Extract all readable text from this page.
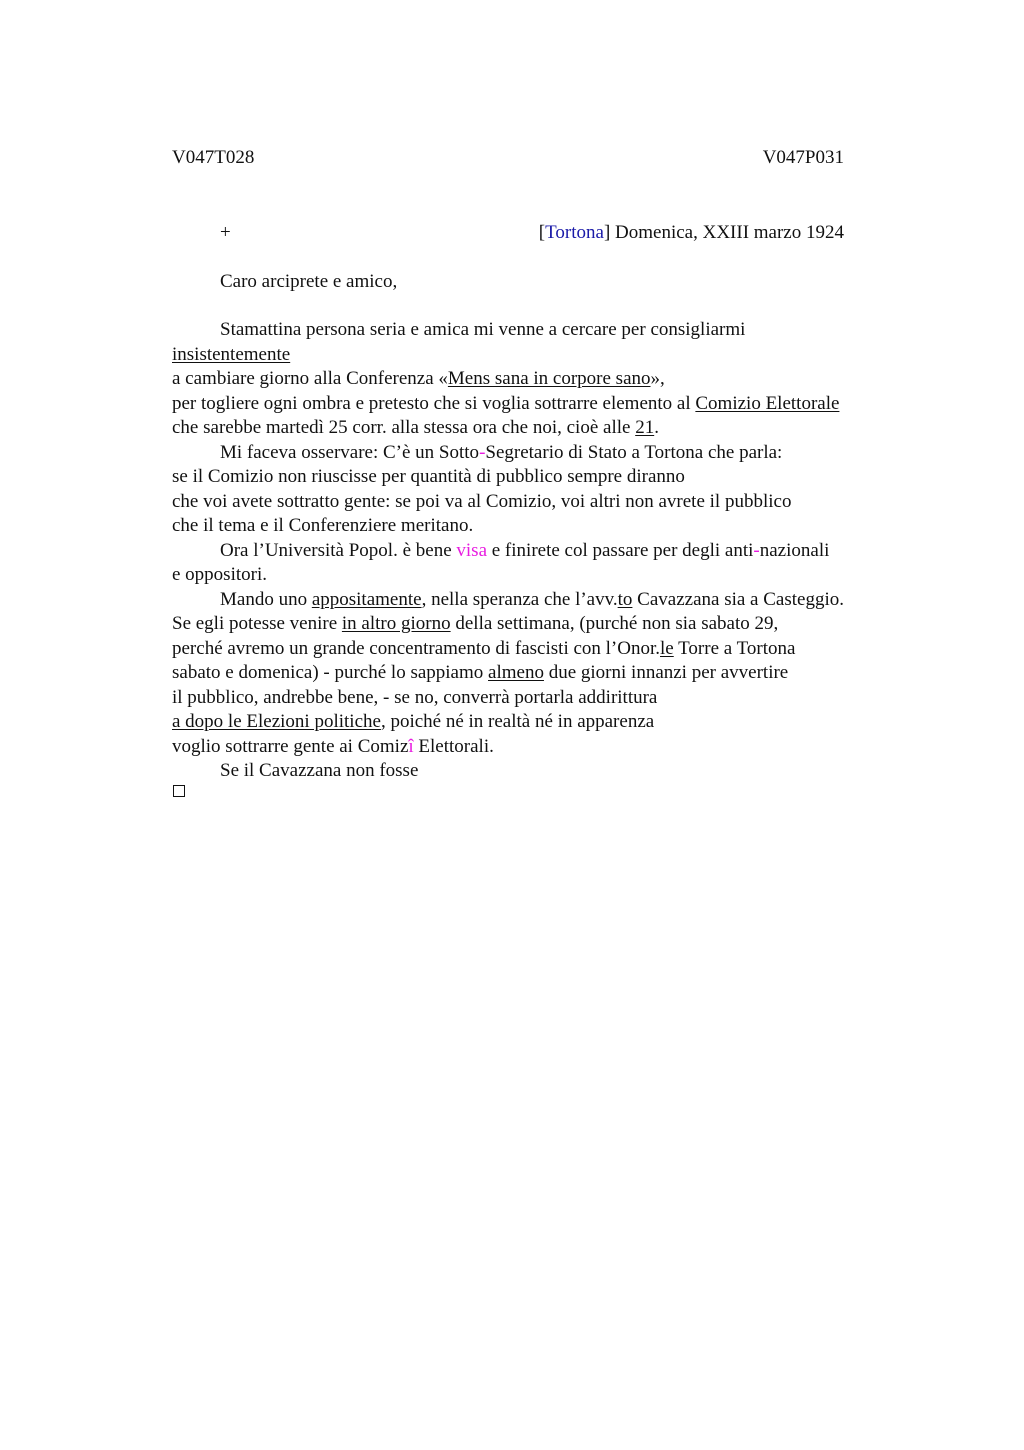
V047T028	V047P031
+	[Tortona] Domenica, XXIII marzo 1924
Caro arciprete e amico,
Stamattina persona seria e amica mi venne a cercare per consigliarmi
insistentemente
a cambiare giorno alla Conferenza «Mens sana in corpore sano»,
per togliere ogni ombra e pretesto che si voglia sottrarre elemento al Comizio Elettorale
che sarebbe martedì 25 corr. alla stessa ora che noi, cioè alle 21.
Mi faceva osservare: C’è un Sotto-Segretario di Stato a Tortona che parla:
se il Comizio non riuscisse per quantità di pubblico sempre diranno
che voi avete sottratto gente: se poi va al Comizio, voi altri non avrete il pubblico
che il tema e il Conferenziere meritano.
Ora l’Università Popol. è bene visa e finirete col passare per degli anti-nazionali
e oppositori.
Mando uno appositamente, nella speranza che l’avv.to Cavazzana sia a Casteggio.
Se egli potesse venire in altro giorno della settimana, (purché non sia sabato 29,
perché avremo un grande concentramento di fascisti con l’Onor.le Torre a Tortona
sabato e domenica) - purché lo sappiamo almeno due giorni innanzi per avvertire
il pubblico, andrebbe bene, - se no, converrà portarla addirittura
a dopo le Elezioni politiche, poiché né in realtà né in apparenza
voglio sottrarre gente ai Comizî Elettorali.
Se il Cavazzana non fosse
